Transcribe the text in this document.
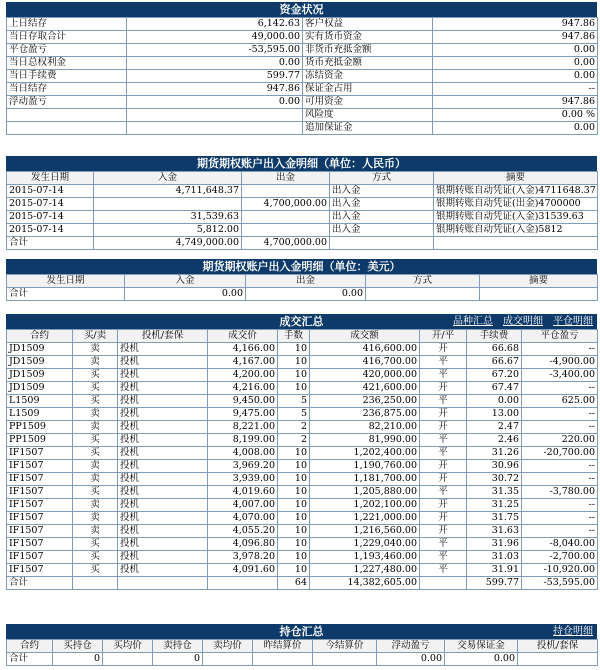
资金状况
上日结存	6,142.63	客户权益	947.86
当日存取合计	49,000.00	实有货币资金	947.86
平仓盈亏	-53,595.00	非货币充抵金额	0.00
当日总权利金	0.00	货币充抵金额	0.00
当日手续费	599.77	冻结资金	0.00
当日结存	947.86	保证金占用	--
浮动盈亏	0.00	可用资金	947.86
		风险度	0.00 %
		追加保证金	0.00
期货期权账户出入金明细（单位：人民币）
发生日期	入金	出金	方式	摘要
2015-07-14	4,711,648.37		出入金	银期转账自动凭证(入金)4711648.37
2015-07-14		4,700,000.00	出入金	银期转账自动凭证(出金)4700000
2015-07-14	31,539.63		出入金	银期转账自动凭证(入金)31539.63
2015-07-14	5,812.00		出入金	银期转账自动凭证(入金)5812
合计	4,749,000.00	4,700,000.00		
期货期权账户出入金明细（单位：美元）
发生日期	入金	出金	方式	摘要
合计	0.00	0.00		
成交汇总	品种汇总 成交明细 平仓明细
合约	买/卖	投机/套保	成交价	手数	成交额	开/平	手续费	平仓盈亏
JD1509	卖	投机	4,166.00	10	416,600.00	开	66.68	--
JD1509	卖	投机	4,167.00	10	416,700.00	平	66.67	-4,900.00
JD1509	买	投机	4,200.00	10	420,000.00	平	67.20	-3,400.00
JD1509	买	投机	4,216.00	10	421,600.00	开	67.47	--
L1509	买	投机	9,450.00	5	236,250.00	平	0.00	625.00
L1509	卖	投机	9,475.00	5	236,875.00	开	13.00	--
PP1509	卖	投机	8,221.00	2	82,210.00	开	2.47	--
PP1509	买	投机	8,199.00	2	81,990.00	平	2.46	220.00
IF1507	买	投机	4,008.00	10	1,202,400.00	平	31.26	-20,700.00
IF1507	卖	投机	3,969.20	10	1,190,760.00	开	30.96	--
IF1507	卖	投机	3,939.00	10	1,181,700.00	开	30.72	--
IF1507	买	投机	4,019.60	10	1,205,880.00	平	31.35	-3,780.00
IF1507	卖	投机	4,007.00	10	1,202,100.00	开	31.25	--
IF1507	卖	投机	4,070.00	10	1,221,000.00	开	31.75	--
IF1507	卖	投机	4,055.20	10	1,216,560.00	开	31.63	--
IF1507	买	投机	4,096.80	10	1,229,040.00	平	31.96	-8,040.00
IF1507	买	投机	3,978.20	10	1,193,460.00	平	31.03	-2,700.00
IF1507	买	投机	4,091.60	10	1,227,480.00	平	31.91	-10,920.00
合计				64	14,382,605.00		599.77	-53,595.00
持仓汇总	持仓明细
合约	买持仓	买均价	卖持仓	卖均价	昨结算价	今结算价	浮动盈亏	交易保证金	投机/套保
合计	0		0				0.00	0.00	
